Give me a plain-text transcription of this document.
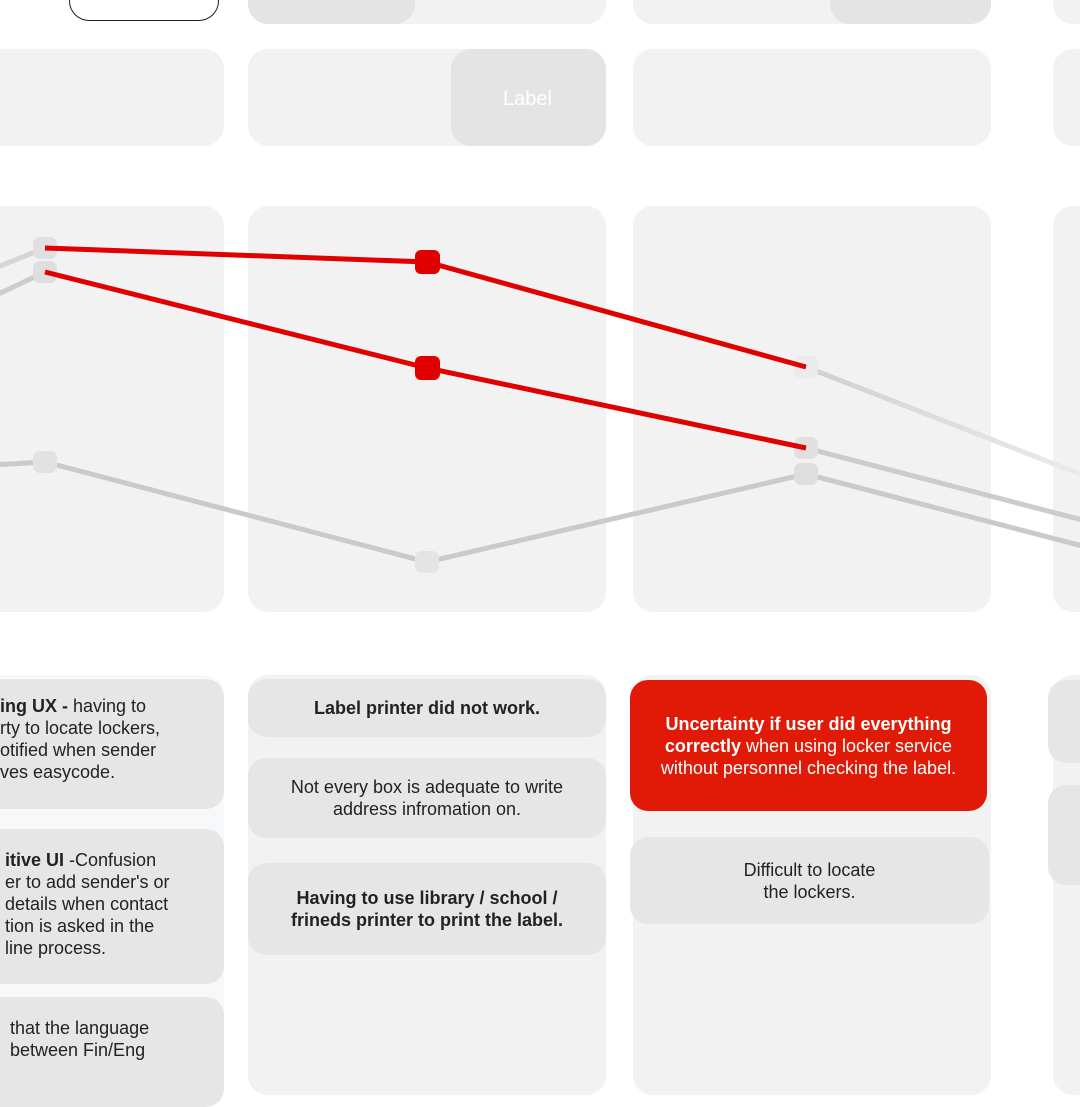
Label
ing UX - having to
rty to locate lockers,
otified when sender
ves easycode.
itive UI -Confusion
er to add sender's or
details when contact
tion is asked in the
line process.
that the language
between Fin/Eng
Label printer did not work.
Not every box is adequate to write address infromation on.
Having to use library / school / frineds printer to print the label.
Uncertainty if user did everything correctly when using locker service without personnel checking the label.
Difficult to locate the lockers.
